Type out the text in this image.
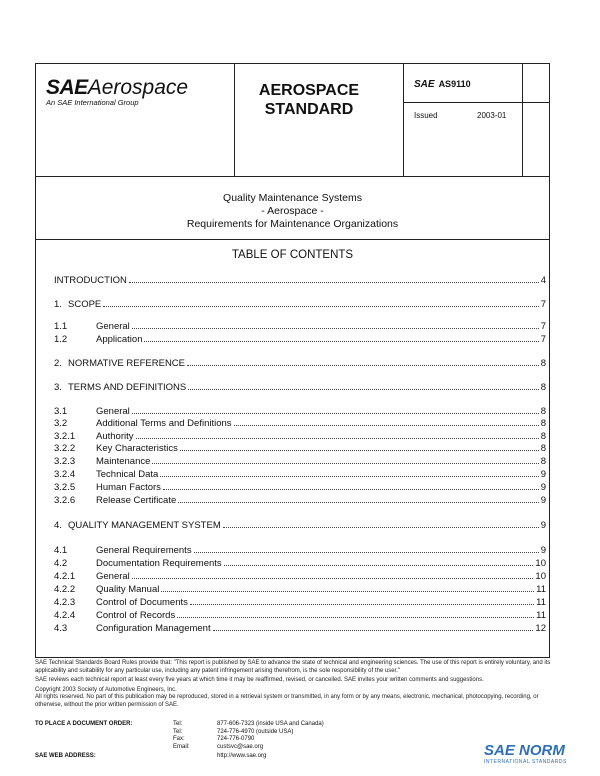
SAEAerospace
An SAE International Group
AEROSPACE
STANDARD
SAE AS9110
Issued	2003-01
Quality Maintenance Systems
- Aerospace -
Requirements for Maintenance Organizations
TABLE OF CONTENTS
INTRODUCTION	4
1. SCOPE	7
1.1	General	7
1.2	Application	7
2. NORMATIVE REFERENCE	8
3. TERMS AND DEFINITIONS	8
3.1	General	8
3.2	Additional Terms and Definitions	8
3.2.1	Authority	8
3.2.2	Key Characteristics	8
3.2.3	Maintenance	8
3.2.4	Technical Data	9
3.2.5	Human Factors	9
3.2.6	Release Certificate	9
4. QUALITY MANAGEMENT SYSTEM	9
4.1	General Requirements	9
4.2	Documentation Requirements	10
4.2.1	General	10
4.2.2	Quality Manual	11
4.2.3	Control of Documents	11
4.2.4	Control of Records	11
4.3	Configuration Management	12

SAE Technical Standards Board Rules provide that: "This report is published by SAE to advance the state of technical and engineering sciences. The use of this report is entirely voluntary, and its applicability and suitability for any particular use, including any patent infringement arising therefrom, is the sole responsibility of the user."

SAE reviews each technical report at least every five years at which time it may be reaffirmed, revised, or cancelled. SAE invites your written comments and suggestions.

Copyright 2003 Society of Automotive Engineers, Inc.

All rights reserved. No part of this publication may be reproduced, stored in a retrieval system or transmitted, in any form or by any means, electronic, mechanical, photocopying, recording, or otherwise, without the prior written permission of SAE.

TO PLACE A DOCUMENT ORDER:	Tel:	877-606-7323 (inside USA and Canada)
Tel:	724-776-4970 (outside USA)
Fax:	724-776-0790
Email:	custsvc@sae.org
SAE WEB ADDRESS:	http://www.sae.org	SAE NORM
INTERNATIONAL STANDARDS
